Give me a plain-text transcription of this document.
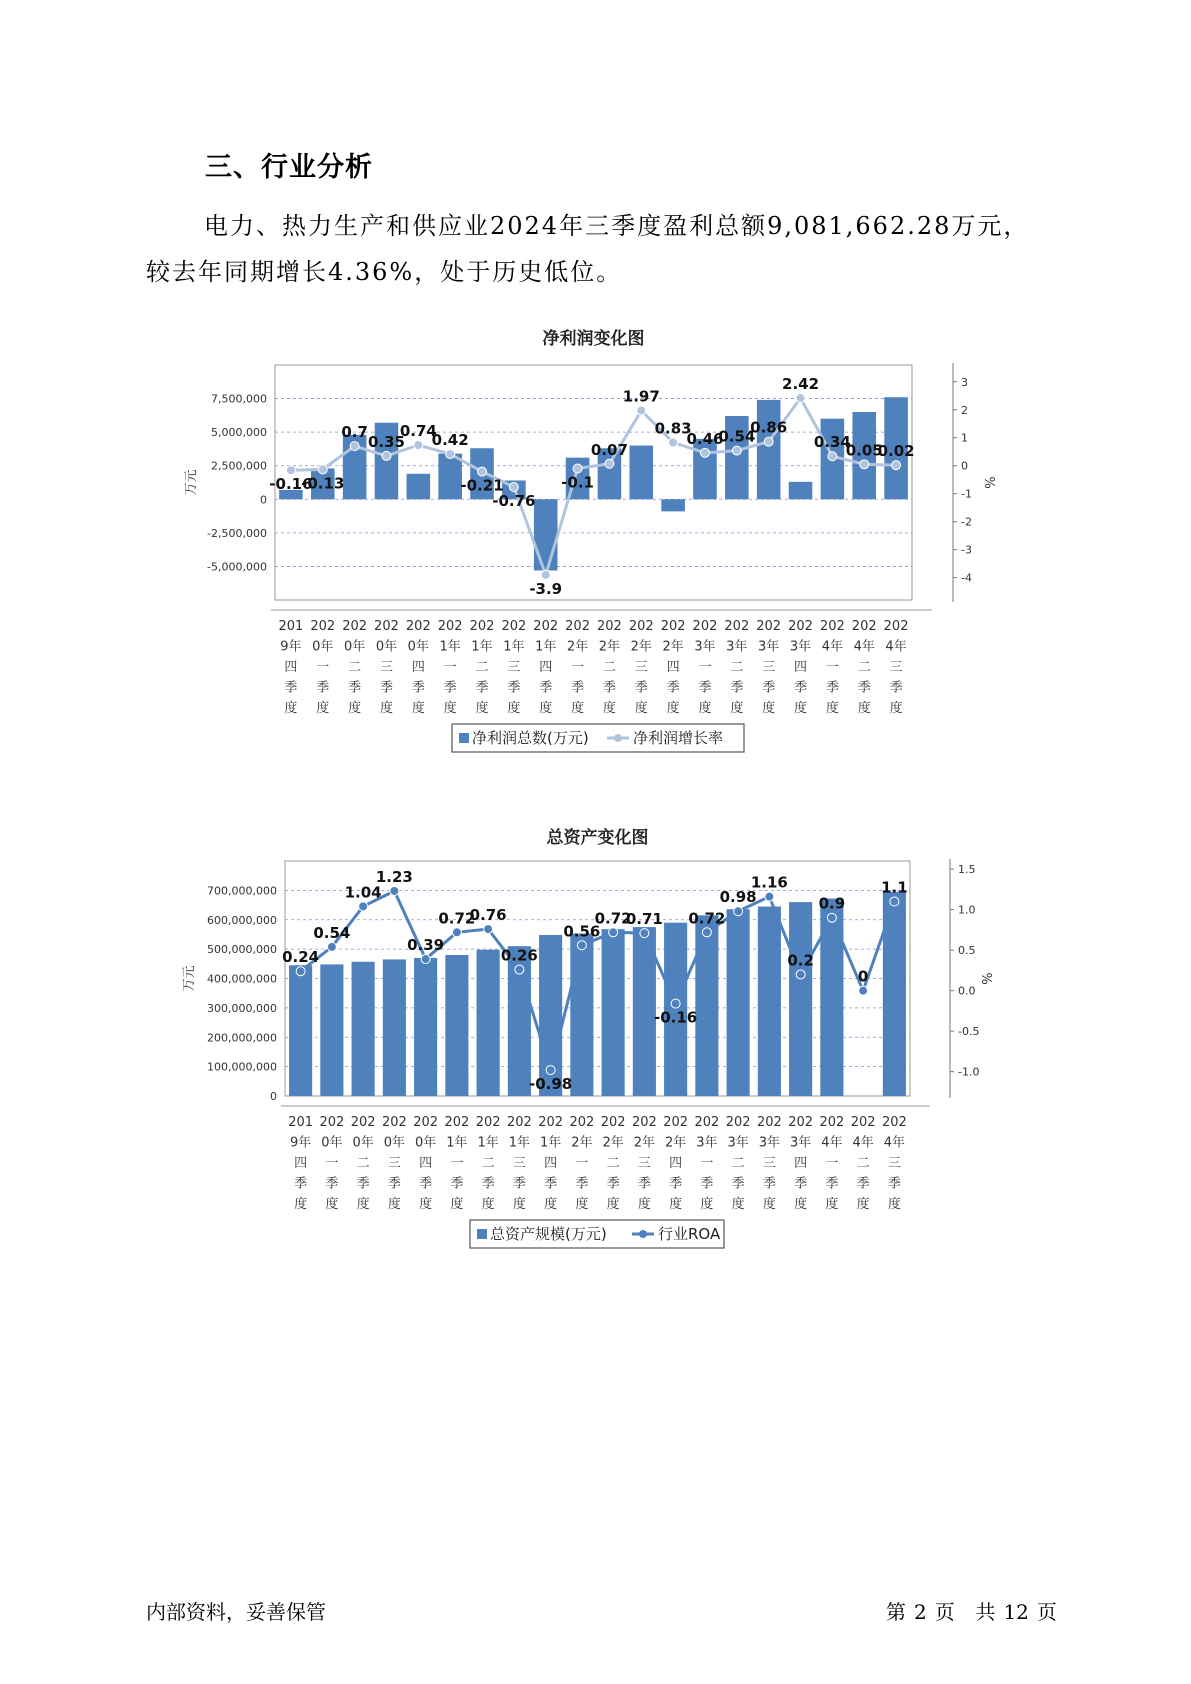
三、行业分析
电力、热力生产和供应业2024年三季度盈利总额9,081,662.28万元，
较去年同期增长4.36%，处于历史低位。
净利润变化图
7,500,000
5,000,000
2,500,000
0
-2,500,000
-5,000,000
万元
3
2
1
0
-1
-2
-3
-4
%
-0.16
-0.13
0.7
0.35
0.74
0.42
-0.21
-0.76
-3.9
-0.1
0.07
1.97
0.83
0.46
0.54
0.86
2.42
0.34
0.05
0.02
201 9年四季度
202 0年一季度
202 0年二季度
202 0年三季度
202 0年四季度
202 1年一季度
202 1年二季度
202 1年三季度
202 1年四季度
202 2年一季度
202 2年二季度
202 2年三季度
202 2年四季度
202 3年一季度
202 3年二季度
202 3年三季度
202 3年四季度
202 4年一季度
202 4年二季度
202 4年三季度
净利润总数(万元)	净利润增长率
总资产变化图
700,000,000
600,000,000
500,000,000
400,000,000
300,000,000
200,000,000
100,000,000
0
万元
1.5
1.0
0.5
0.0
-0.5
-1.0
%
0.24
0.54
1.04
1.23
0.39
0.72
0.76
0.26
-0.98
0.56
0.72
0.71
-0.16
0.72
0.98
1.16
0.2
0.9
0
1.1
201 9年四季度
202 0年一季度
202 0年二季度
202 0年三季度
202 0年四季度
202 1年一季度
202 1年二季度
202 1年三季度
202 1年四季度
202 2年一季度
202 2年二季度
202 2年三季度
202 2年四季度
202 3年一季度
202 3年二季度
202 3年三季度
202 3年四季度
202 4年一季度
202 4年二季度
202 4年三季度
总资产规模(万元)	行业ROA
内部资料，妥善保管	第 2 页 共 12 页
